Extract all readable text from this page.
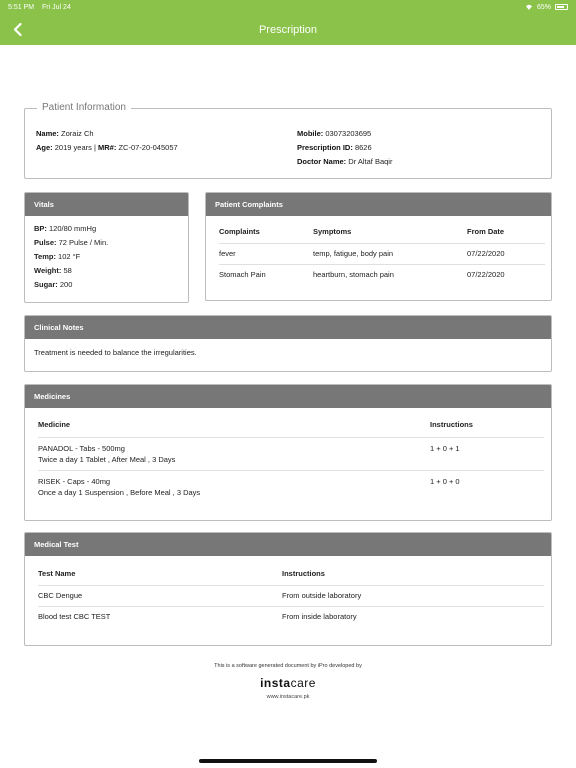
5:51 PM Fri Jul 24	65%
Prescription
Patient Information
Name: Zoraiz Ch
Age: 2019 years | MR#: ZC-07-20-045057
Mobile: 03073203695
Prescription ID: 8626
Doctor Name: Dr Altaf Baqir
Vitals
BP: 120/80 mmHg
Pulse: 72 Pulse / Min.
Temp: 102 °F
Weight: 58
Sugar: 200
Patient Complaints
Complaints	Symptoms	From Date
fever	temp, fatigue, body pain	07/22/2020
Stomach Pain	heartburn, stomach pain	07/22/2020
Clinical Notes
Treatment is needed to balance the irregularities.
Medicines
Medicine	Instructions

PANADOL - Tabs - 500mg
Twice a day 1 Tablet , After Meal , 3 Days	1 + 0 + 1

RISEK - Caps - 40mg
Once a day 1 Suspension , Before Meal , 3 Days	1 + 0 + 0
Medical Test
Test Name	Instructions
CBC Dengue	From outside laboratory
Blood test CBC TEST	From inside laboratory
This is a software generated document by iPro developed by
instacare
www.instacare.pk
